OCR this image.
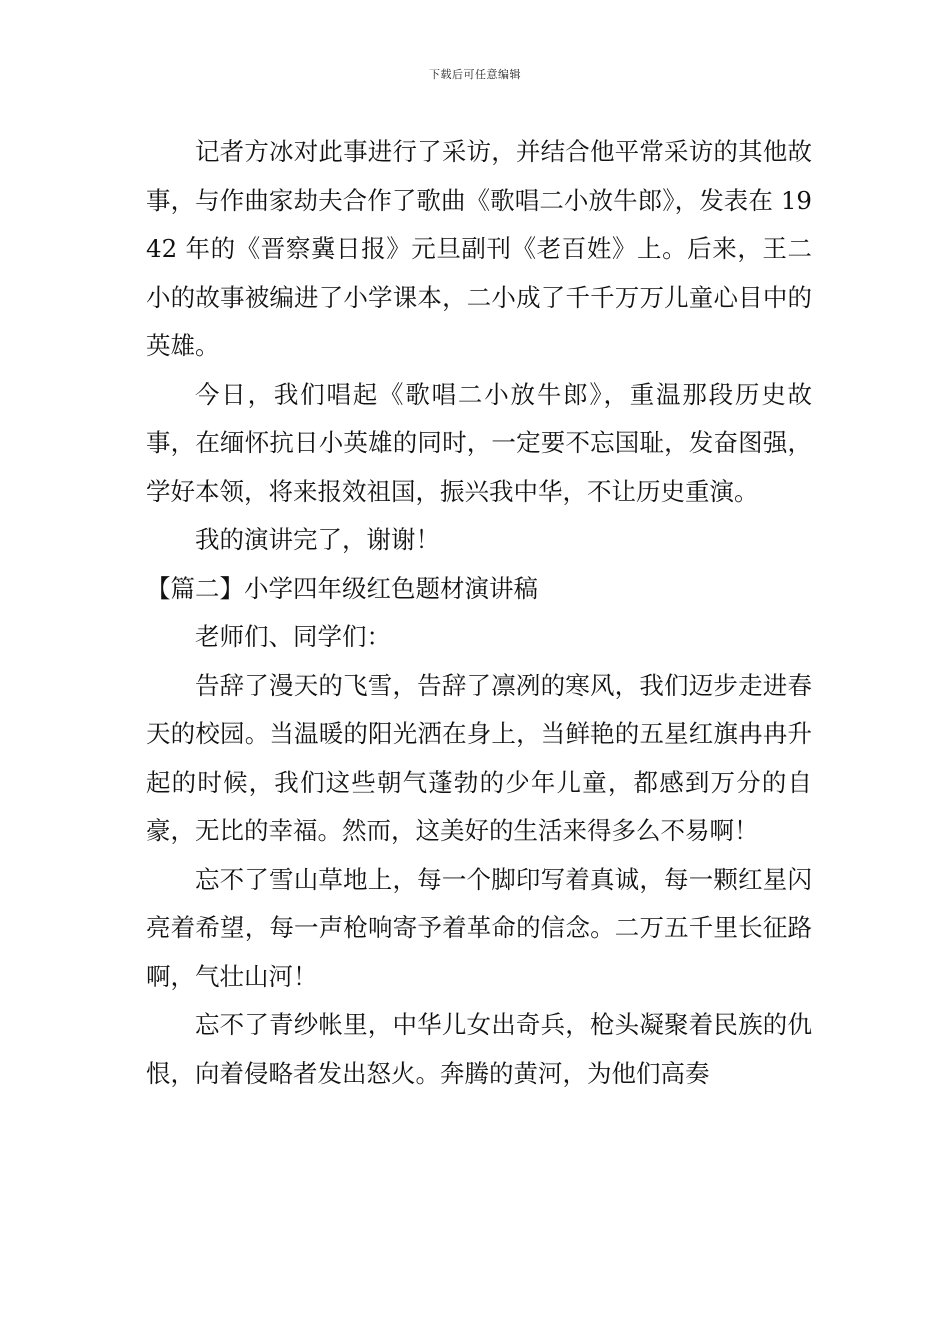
下载后可任意编辑

记者方冰对此事进行了采访，并结合他平常采访的其他故事，与作曲家劫夫合作了歌曲《歌唱二小放牛郎》，发表在 1942 年的《晋察冀日报》元旦副刊《老百姓》上。后来，王二小的故事被编进了小学课本，二小成了千千万万儿童心目中的英雄。

今日，我们唱起《歌唱二小放牛郎》，重温那段历史故事，在缅怀抗日小英雄的同时，一定要不忘国耻，发奋图强，学好本领，将来报效祖国，振兴我中华，不让历史重演。

我的演讲完了，谢谢！

【篇二】小学四年级红色题材演讲稿

老师们、同学们：

告辞了漫天的飞雪，告辞了凛冽的寒风，我们迈步走进春天的校园。当温暖的阳光洒在身上，当鲜艳的五星红旗冉冉升起的时候，我们这些朝气蓬勃的少年儿童，都感到万分的自豪，无比的幸福。然而，这美好的生活来得多么不易啊！

忘不了雪山草地上，每一个脚印写着真诚，每一颗红星闪亮着希望，每一声枪响寄予着革命的信念。二万五千里长征路啊，气壮山河！

忘不了青纱帐里，中华儿女出奇兵，枪头凝聚着民族的仇恨，向着侵略者发出怒火。奔腾的黄河，为他们高奏
